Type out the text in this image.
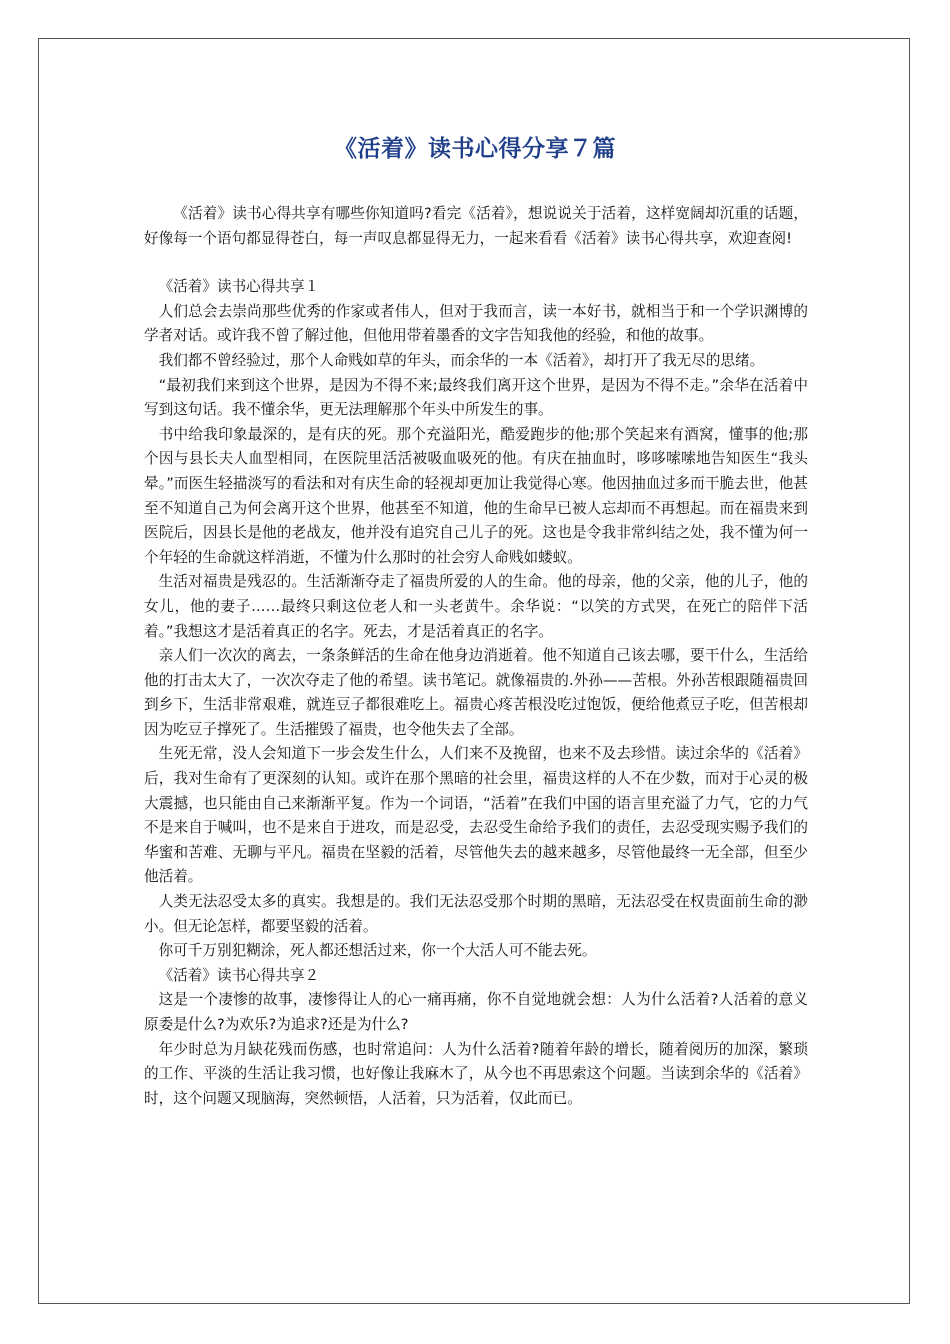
《活着》读书心得分享７篇

《活着》读书心得共享有哪些你知道吗?看完《活着》，想说说关于活着，这样宽阔却沉重的话题，好像每一个语句都显得苍白，每一声叹息都显得无力，一起来看看《活着》读书心得共享，欢迎查阅!

《活着》读书心得共享１

人们总会去崇尚那些优秀的作家或者伟人，但对于我而言，读一本好书，就相当于和一个学识渊博的学者对话。或许我不曾了解过他，但他用带着墨香的文字告知我他的经验，和他的故事。

我们都不曾经验过，那个人命贱如草的年头，而余华的一本《活着》，却打开了我无尽的思绪。

“最初我们来到这个世界，是因为不得不来;最终我们离开这个世界，是因为不得不走。”余华在活着中写到这句话。我不懂余华，更无法理解那个年头中所发生的事。

书中给我印象最深的，是有庆的死。那个充溢阳光，酷爱跑步的他;那个笑起来有酒窝，懂事的他;那个因与县长夫人血型相同，在医院里活活被吸血吸死的他。有庆在抽血时，哆哆嗦嗦地告知医生“我头晕。”而医生轻描淡写的看法和对有庆生命的轻视却更加让我觉得心寒。他因抽血过多而干脆去世，他甚至不知道自己为何会离开这个世界，他甚至不知道，他的生命早已被人忘却而不再想起。而在福贵来到医院后，因县长是他的老战友，他并没有追究自己儿子的死。这也是令我非常纠结之处，我不懂为何一个年轻的生命就这样消逝，不懂为什么那时的社会穷人命贱如蝼蚁。

生活对福贵是残忍的。生活渐渐夺走了福贵所爱的人的生命。他的母亲，他的父亲，他的儿子，他的女儿，他的妻子……最终只剩这位老人和一头老黄牛。余华说：“以笑的方式哭，在死亡的陪伴下活着。”我想这才是活着真正的名字。死去，才是活着真正的名字。

亲人们一次次的离去，一条条鲜活的生命在他身边消逝着。他不知道自己该去哪，要干什么，生活给他的打击太大了，一次次夺走了他的希望。读书笔记。就像福贵的.外孙——苦根。外孙苦根跟随福贵回到乡下，生活非常艰难，就连豆子都很难吃上。福贵心疼苦根没吃过饱饭，便给他煮豆子吃，但苦根却因为吃豆子撑死了。生活摧毁了福贵，也令他失去了全部。

生死无常，没人会知道下一步会发生什么，人们来不及挽留，也来不及去珍惜。读过余华的《活着》后，我对生命有了更深刻的认知。或许在那个黑暗的社会里，福贵这样的人不在少数，而对于心灵的极大震撼，也只能由自己来渐渐平复。作为一个词语，“活着”在我们中国的语言里充溢了力气，它的力气不是来自于喊叫，也不是来自于进攻，而是忍受，去忍受生命给予我们的责任，去忍受现实赐予我们的华蜜和苦难、无聊与平凡。福贵在坚毅的活着，尽管他失去的越来越多，尽管他最终一无全部，但至少他活着。

人类无法忍受太多的真实。我想是的。我们无法忍受那个时期的黑暗，无法忍受在权贵面前生命的渺小。但无论怎样，都要坚毅的活着。

你可千万别犯糊涂，死人都还想活过来，你一个大活人可不能去死。

《活着》读书心得共享２

这是一个凄惨的故事，凄惨得让人的心一痛再痛，你不自觉地就会想：人为什么活着?人活着的意义原委是什么?为欢乐?为追求?还是为什么?

年少时总为月缺花残而伤感，也时常追问：人为什么活着?随着年龄的增长，随着阅历的加深，繁琐的工作、平淡的生活让我习惯，也好像让我麻木了，从今也不再思索这个问题。当读到余华的《活着》时，这个问题又现脑海，突然顿悟，人活着，只为活着，仅此而已。
